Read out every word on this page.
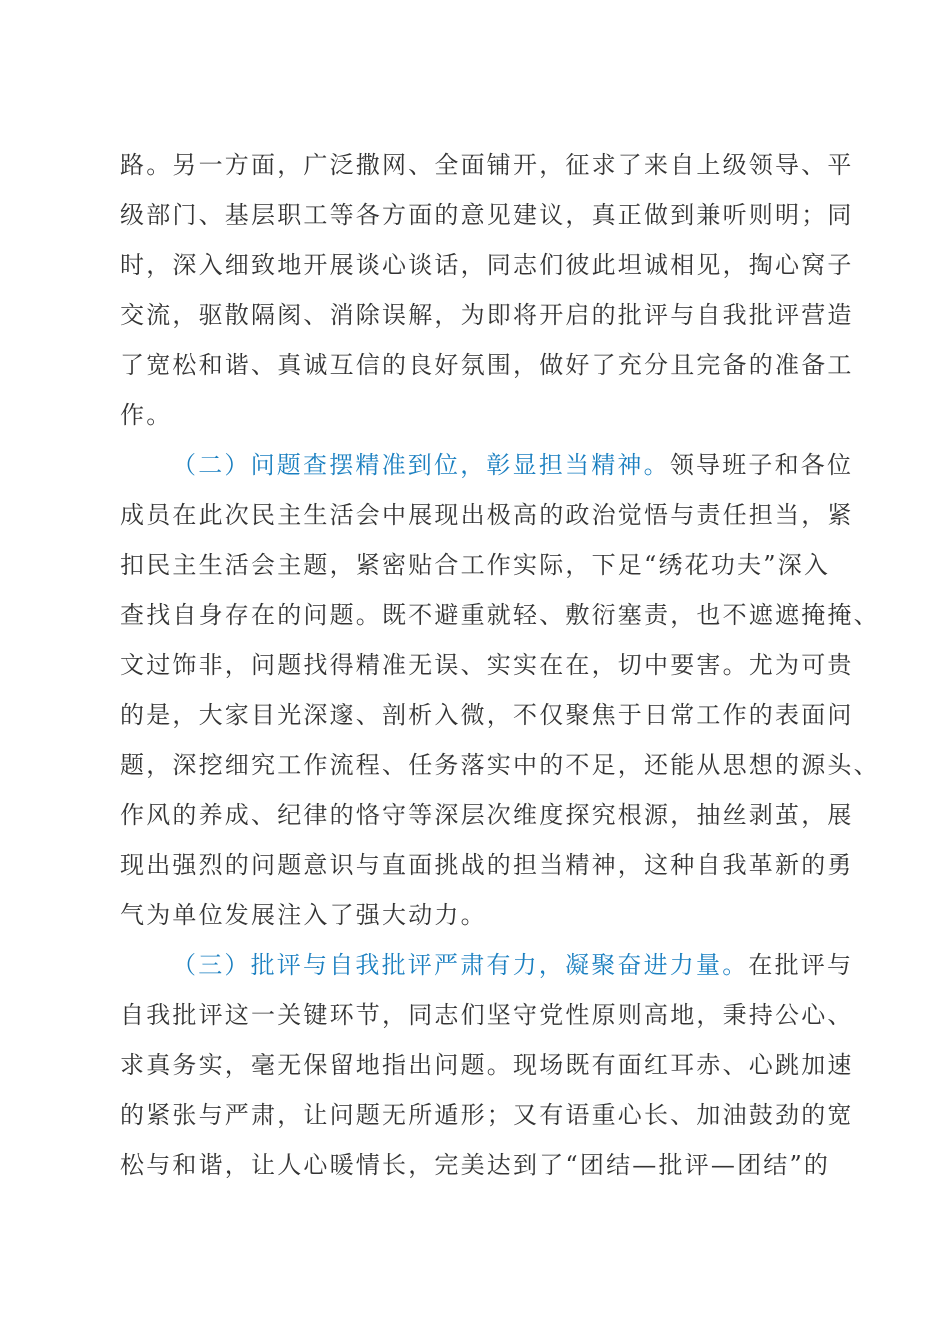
路。另一方面，广泛撒网、全面铺开，征求了来自上级领导、平
级部门、基层职工等各方面的意见建议，真正做到兼听则明；同
时，深入细致地开展谈心谈话，同志们彼此坦诚相见，掏心窝子
交流，驱散隔阂、消除误解，为即将开启的批评与自我批评营造
了宽松和谐、真诚互信的良好氛围，做好了充分且完备的准备工
作。
（二）问题查摆精准到位，彰显担当精神。领导班子和各位
成员在此次民主生活会中展现出极高的政治觉悟与责任担当，紧
扣民主生活会主题，紧密贴合工作实际，下足“绣花功夫”深入
查找自身存在的问题。既不避重就轻、敷衍塞责，也不遮遮掩掩、
文过饰非，问题找得精准无误、实实在在，切中要害。尤为可贵
的是，大家目光深邃、剖析入微，不仅聚焦于日常工作的表面问
题，深挖细究工作流程、任务落实中的不足，还能从思想的源头、
作风的养成、纪律的恪守等深层次维度探究根源，抽丝剥茧，展
现出强烈的问题意识与直面挑战的担当精神，这种自我革新的勇
气为单位发展注入了强大动力。
（三）批评与自我批评严肃有力，凝聚奋进力量。在批评与
自我批评这一关键环节，同志们坚守党性原则高地，秉持公心、
求真务实，毫无保留地指出问题。现场既有面红耳赤、心跳加速
的紧张与严肃，让问题无所遁形；又有语重心长、加油鼓劲的宽
松与和谐，让人心暖情长，完美达到了“团结—批评—团结”的
